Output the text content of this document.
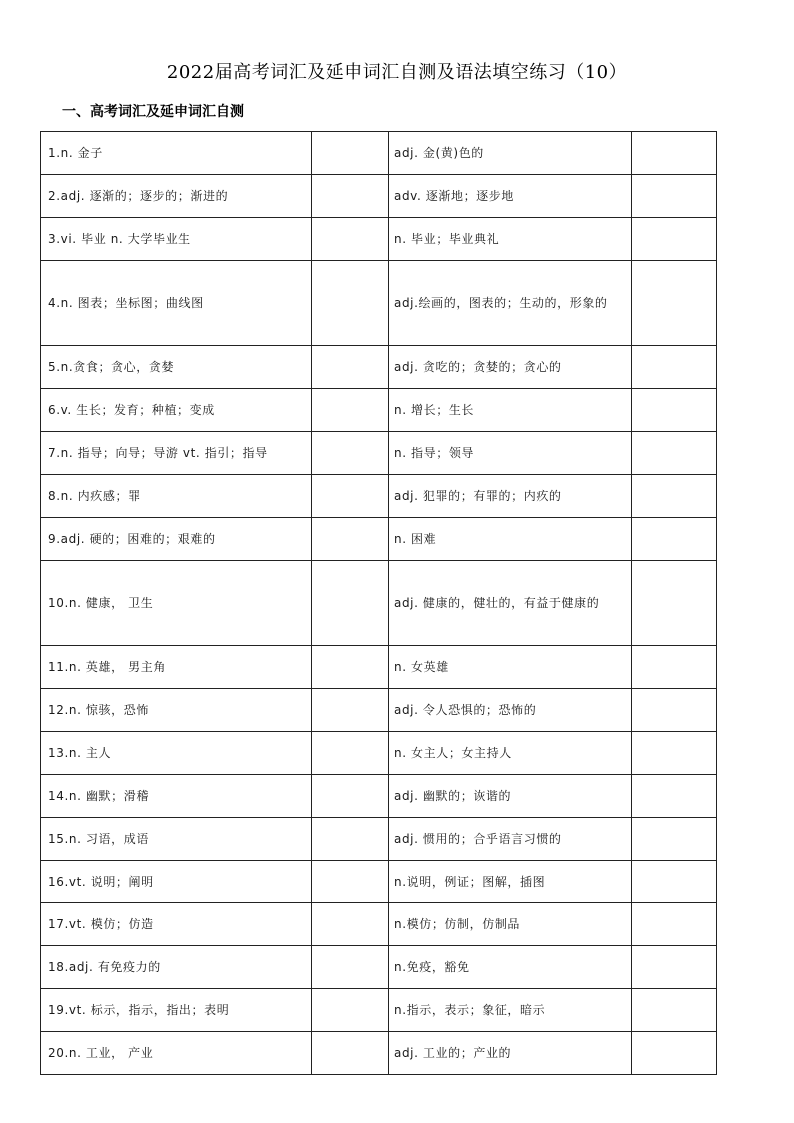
2022届高考词汇及延申词汇自测及语法填空练习（10）
一、高考词汇及延申词汇自测
1.n. 金子		adj. 金(黄)色的	
2.adj. 逐渐的；逐步的；渐进的		adv. 逐渐地；逐步地	
3.vi. 毕业 n. 大学毕业生		n. 毕业；毕业典礼	
4.n. 图表；坐标图；曲线图		adj.绘画的，图表的；生动的，形象的	
5.n.贪食；贪心，贪婪		adj. 贪吃的；贪婪的；贪心的	
6.v. 生长；发育；种植；变成		n. 增长；生长	
7.n. 指导；向导；导游 vt. 指引；指导		n. 指导；领导	
8.n. 内疚感；罪		adj. 犯罪的；有罪的；内疚的	
9.adj. 硬的；困难的；艰难的		n. 困难	
10.n. 健康， 卫生		adj. 健康的，健壮的，有益于健康的	
11.n. 英雄， 男主角		n. 女英雄	
12.n. 惊骇，恐怖		adj. 令人恐惧的；恐怖的	
13.n. 主人		n. 女主人；女主持人	
14.n. 幽默；滑稽		adj. 幽默的；诙谐的	
15.n. 习语，成语		adj. 惯用的；合乎语言习惯的	
16.vt. 说明；阐明		n.说明，例证；图解，插图	
17.vt. 模仿；仿造		n.模仿；仿制，仿制品	
18.adj. 有免疫力的		n.免疫，豁免	
19.vt. 标示，指示，指出；表明		n.指示，表示；象征，暗示	
20.n. 工业， 产业		adj. 工业的；产业的	
